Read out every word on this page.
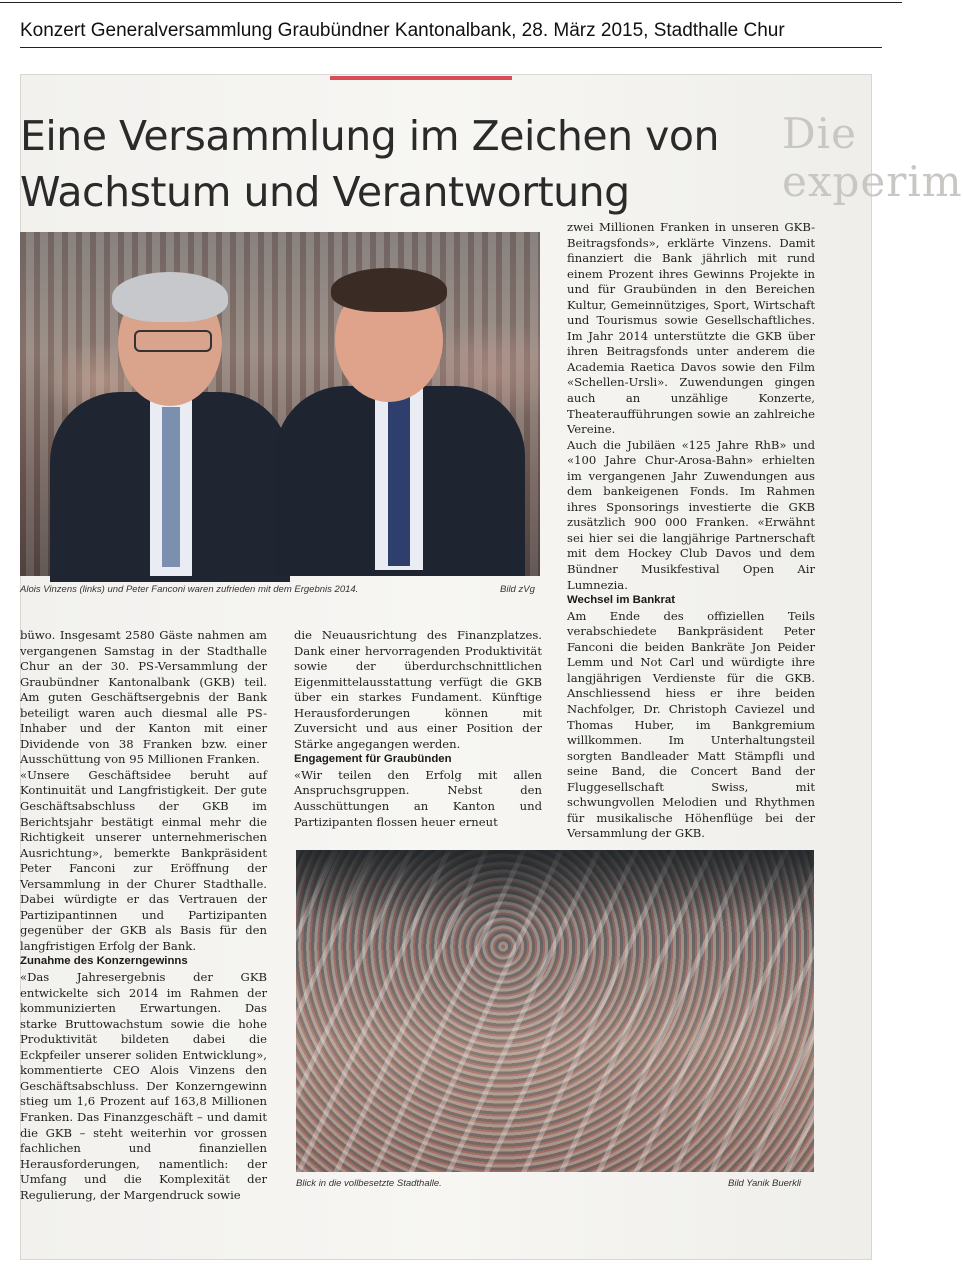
Konzert Generalversammlung Graubündner Kantonalbank, 28. März 2015, Stadthalle Chur
Die
experim
Eine Versammlung im Zeichen von
Wachstum und Verantwortung
Alois Vinzens (links) und Peter Fanconi waren zufrieden mit dem Ergebnis 2014.	Bild zVg

büwo. Insgesamt 2580 Gäste nahmen am vergangenen Samstag in der Stadthalle Chur an der 30. PS-Versammlung der Graubündner Kantonalbank (GKB) teil. Am guten Geschäftsergebnis der Bank beteiligt waren auch diesmal alle PS-Inhaber und der Kanton mit einer Dividende von 38 Franken bzw. einer Ausschüttung von 95 Millionen Franken.

«Unsere Geschäftsidee beruht auf Kontinuität und Langfristigkeit. Der gute Geschäftsabschluss der GKB im Berichtsjahr bestätigt einmal mehr die Richtigkeit unserer unternehmerischen Ausrichtung», bemerkte Bankpräsident Peter Fanconi zur Eröffnung der Versammlung in der Churer Stadthalle. Dabei würdigte er das Vertrauen der Partizipantinnen und Partizipanten gegenüber der GKB als Basis für den langfristigen Erfolg der Bank.

Zunahme des Konzerngewinns

«Das Jahresergebnis der GKB entwickelte sich 2014 im Rahmen der kommunizierten Erwartungen. Das starke Bruttowachstum sowie die hohe Produktivität bildeten dabei die Eckpfeiler unserer soliden Entwicklung», kommentierte CEO Alois Vinzens den Geschäftsabschluss. Der Konzerngewinn stieg um 1,6 Prozent auf 163,8 Millionen Franken. Das Finanzgeschäft – und damit die GKB – steht weiterhin vor grossen fachlichen und finanziellen Herausforderungen, namentlich: der Umfang und die Komplexität der Regulierung, der Margendruck sowie

die Neuausrichtung des Finanzplatzes. Dank einer hervorragenden Produktivität sowie der überdurchschnittlichen Eigenmittelausstattung verfügt die GKB über ein starkes Fundament. Künftige Herausforderungen können mit Zuversicht und aus einer Position der Stärke angegangen werden.

Engagement für Graubünden

«Wir teilen den Erfolg mit allen Anspruchsgruppen. Nebst den Ausschüttungen an Kanton und Partizipanten flossen heuer erneut

zwei Millionen Franken in unseren GKB-Beitragsfonds», erklärte Vinzens. Damit finanziert die Bank jährlich mit rund einem Prozent ihres Gewinns Projekte in und für Graubünden in den Bereichen Kultur, Gemeinnütziges, Sport, Wirtschaft und Tourismus sowie Gesellschaftliches. Im Jahr 2014 unterstützte die GKB über ihren Beitragsfonds unter anderem die Academia Raetica Davos sowie den Film «Schellen-Ursli». Zuwendungen gingen auch an unzählige Konzerte, Theateraufführungen sowie an zahlreiche Vereine.

Auch die Jubiläen «125 Jahre RhB» und «100 Jahre Chur-Arosa-Bahn» erhielten im vergangenen Jahr Zuwendungen aus dem bankeigenen Fonds. Im Rahmen ihres Sponsorings investierte die GKB zusätzlich 900 000 Franken. «Erwähnt sei hier sei die langjährige Partnerschaft mit dem Hockey Club Davos und dem Bündner Musikfestival Open Air Lumnezia.

Wechsel im Bankrat

Am Ende des offiziellen Teils verabschiedete Bankpräsident Peter Fanconi die beiden Bankräte Jon Peider Lemm und Not Carl und würdigte ihre langjährigen Verdienste für die GKB. Anschliessend hiess er ihre beiden Nachfolger, Dr. Christoph Caviezel und Thomas Huber, im Bankgremium willkommen. Im Unterhaltungsteil sorgten Bandleader Matt Stämpfli und seine Band, die Concert Band der Fluggesellschaft Swiss, mit schwungvollen Melodien und Rhythmen für musikalische Höhenflüge bei der Versammlung der GKB.

Blick in die vollbesetzte Stadthalle.	Bild Yanik Buerkli
